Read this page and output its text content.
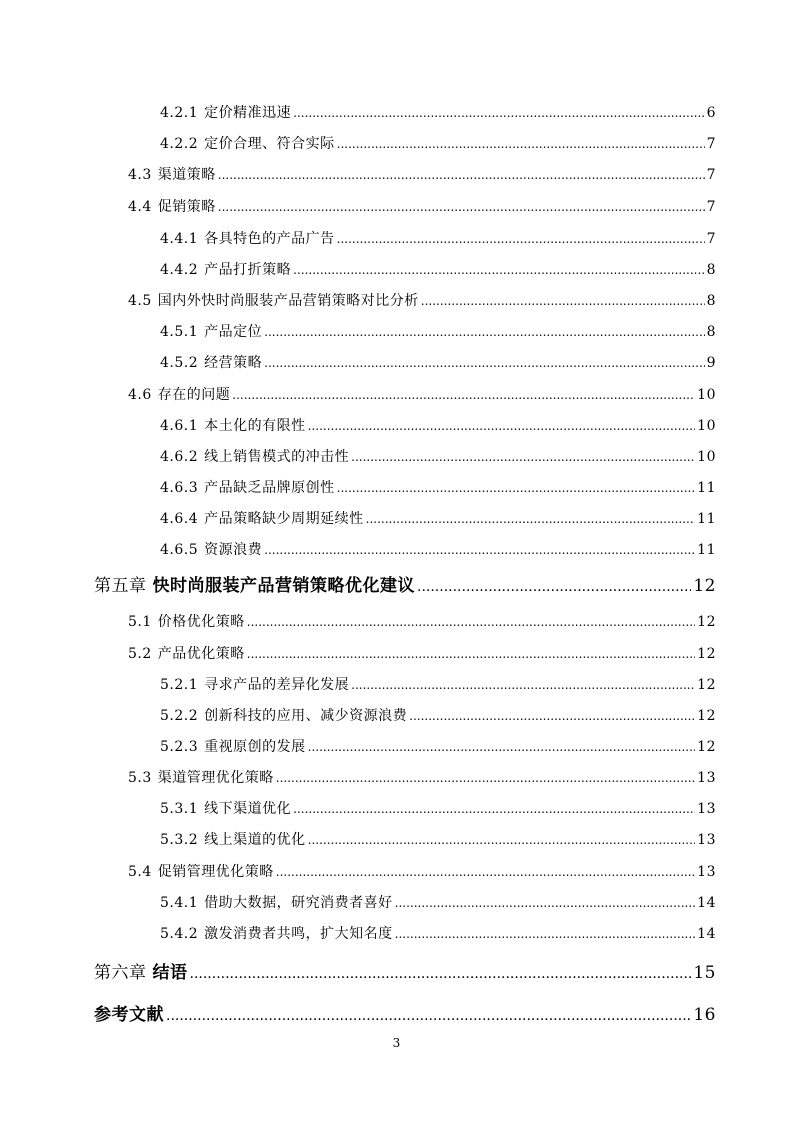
4.2.1 定价精准迅速 .....	6
4.2.2 定价合理、符合实际 .....	7
4.3 渠道策略 .....	7
4.4 促销策略 .....	7
4.4.1 各具特色的产品广告 .....	7
4.4.2 产品打折策略 .....	8
4.5 国内外快时尚服装产品营销策略对比分析 .....	8
4.5.1 产品定位 .....	8
4.5.2 经营策略 .....	9
4.6 存在的问题 .....	10
4.6.1 本土化的有限性 .....	10
4.6.2 线上销售模式的冲击性 .....	10
4.6.3 产品缺乏品牌原创性 .....	11
4.6.4 产品策略缺少周期延续性 .....	11
4.6.5 资源浪费 .....	11
第五章 快时尚服装产品营销策略优化建议 .....	12
5.1 价格优化策略 .....	12
5.2 产品优化策略 .....	12
5.2.1 寻求产品的差异化发展 .....	12
5.2.2 创新科技的应用、减少资源浪费 .....	12
5.2.3 重视原创的发展 .....	12
5.3 渠道管理优化策略 .....	13
5.3.1 线下渠道优化 .....	13
5.3.2 线上渠道的优化 .....	13
5.4 促销管理优化策略 .....	13
5.4.1 借助大数据，研究消费者喜好 .....	14
5.4.2 激发消费者共鸣，扩大知名度 .....	14
第六章 结语 .....	15
参考文献 .....	16
3
